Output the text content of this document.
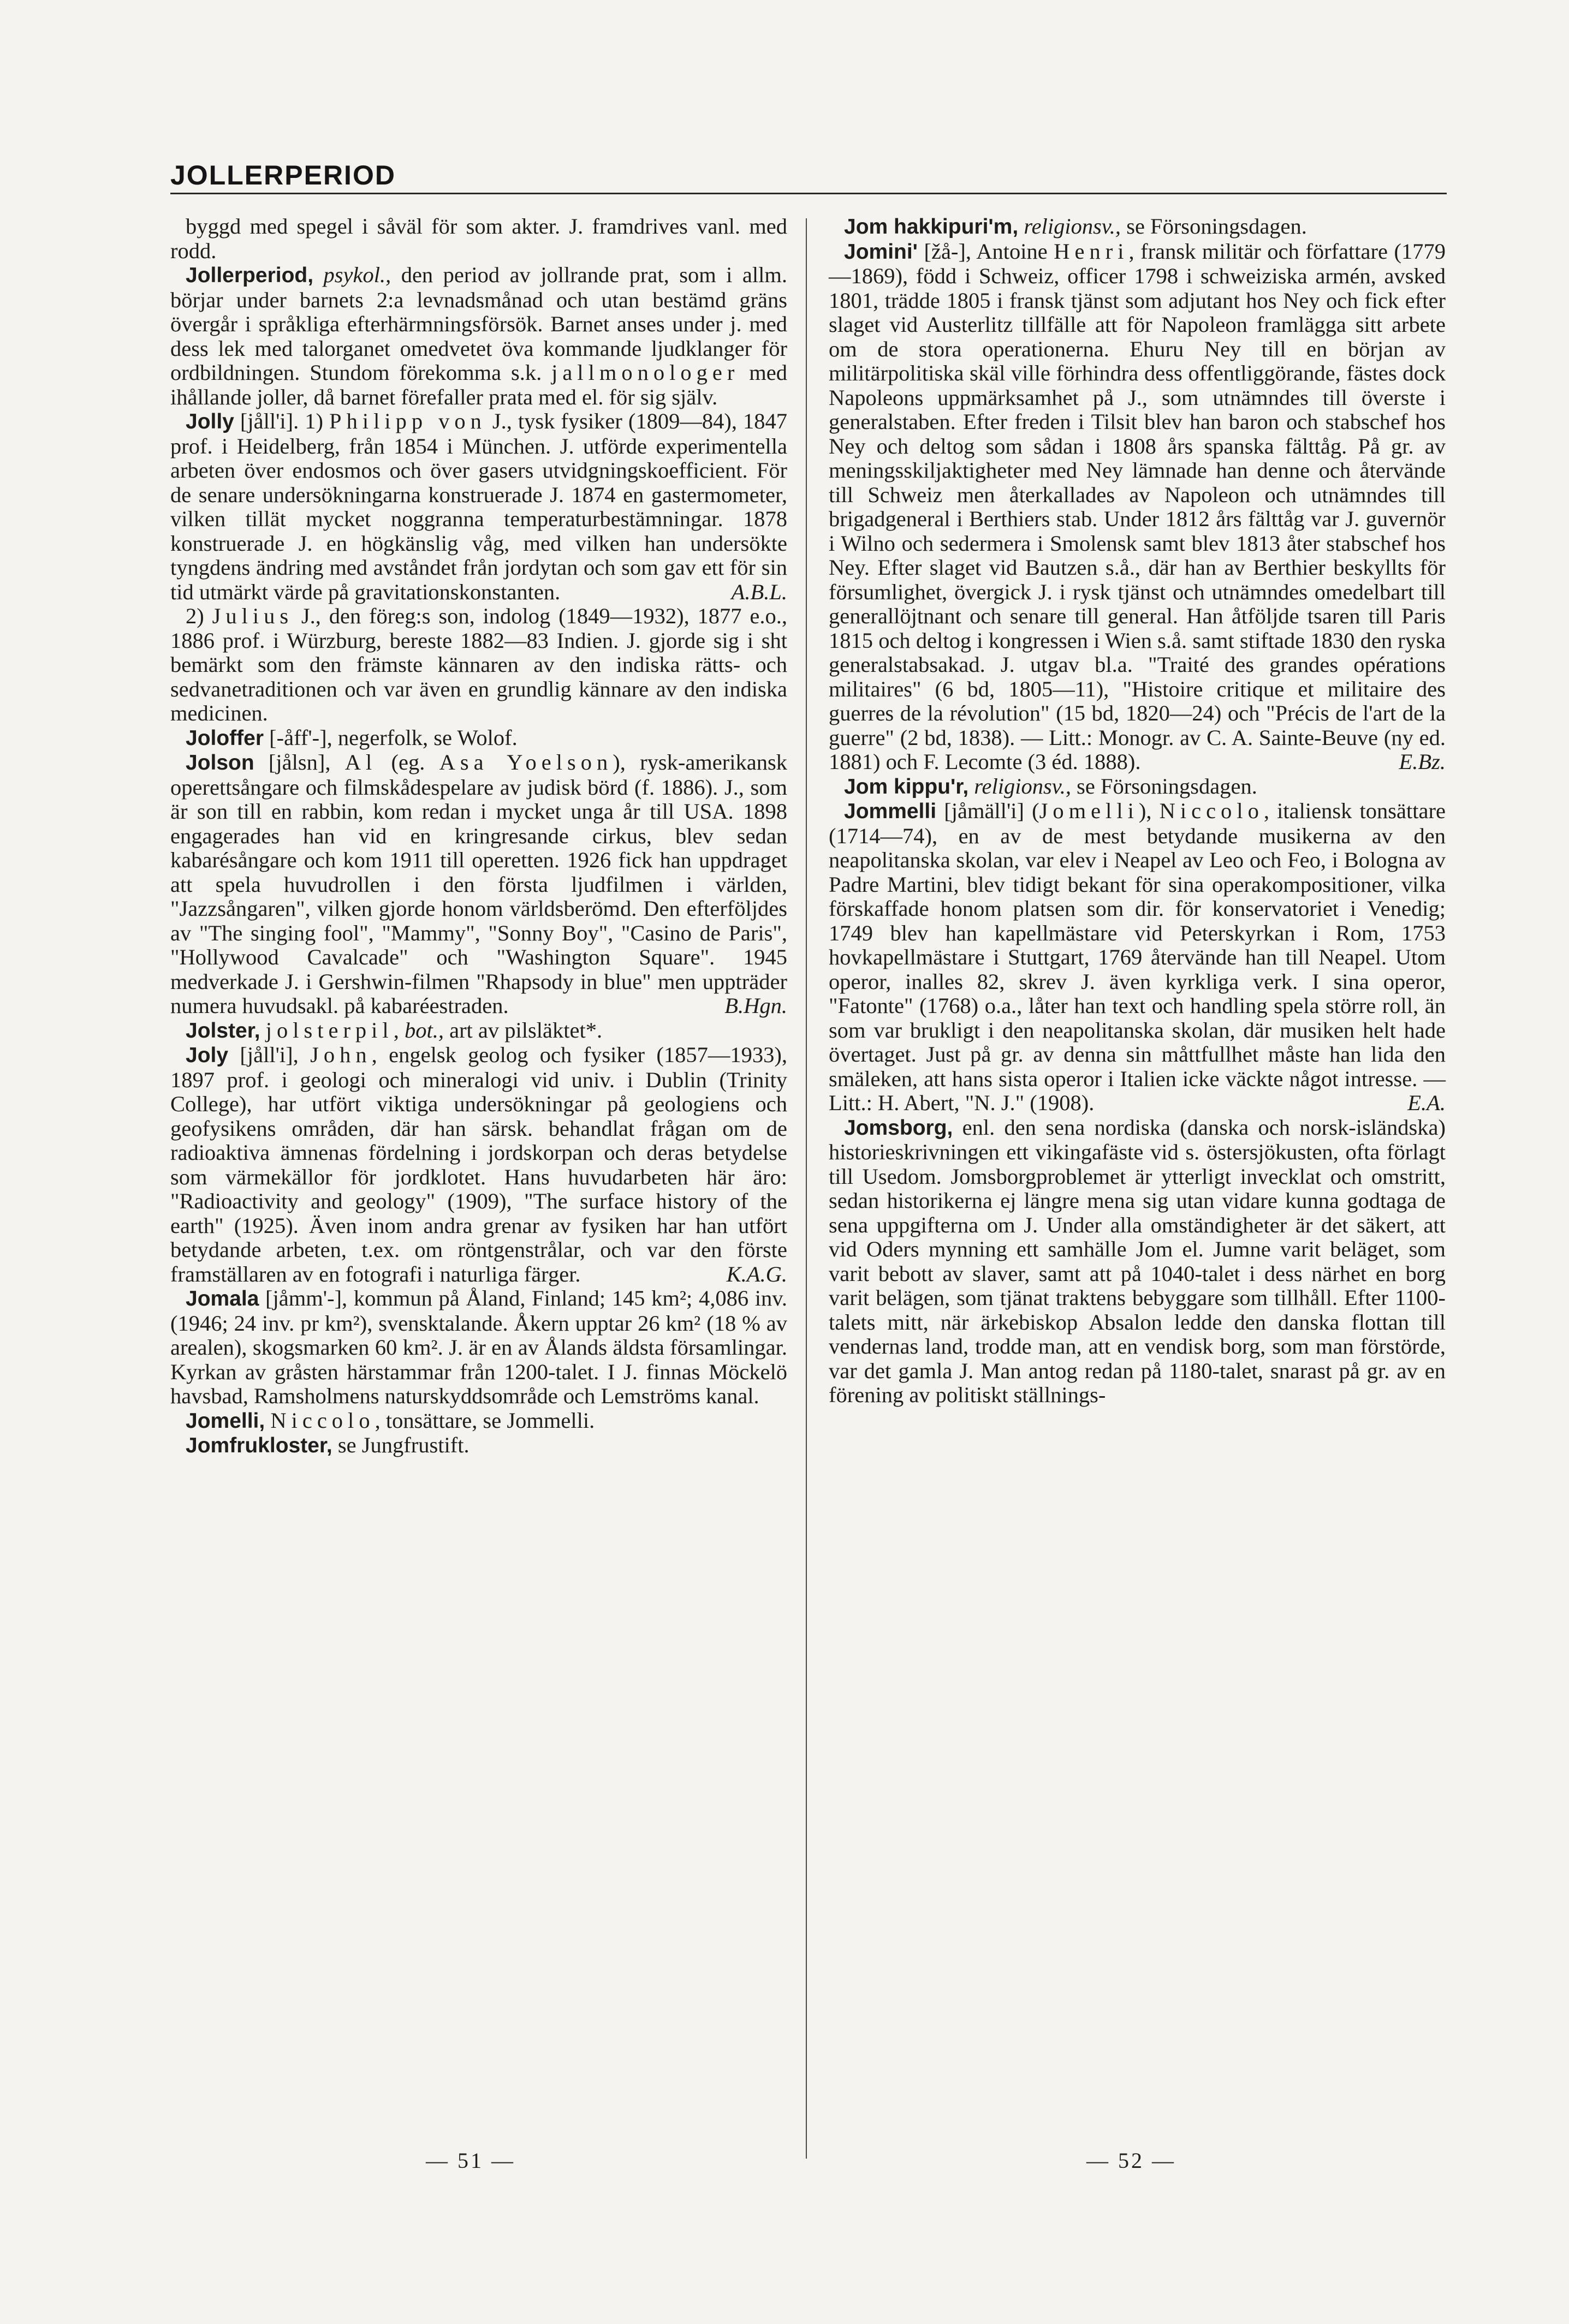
JOLLERPERIOD

byggd med spegel i såväl för som akter. J. framdrives vanl. med rodd.

Jollerperiod, psykol., den period av jollrande prat, som i allm. börjar under barnets 2:a levnadsmånad och utan bestämd gräns övergår i språkliga efterhärmningsförsök. Barnet anses under j. med dess lek med talorganet omedvetet öva kommande ljudklanger för ordbildningen. Stundom förekomma s.k. jallmonologer med ihållande joller, då barnet förefaller prata med el. för sig själv.

Jolly [jåll'i]. 1) Philipp von J., tysk fysiker (1809—84), 1847 prof. i Heidelberg, från 1854 i München. J. utförde experimentella arbeten över endosmos och över gasers utvidgningskoefficient. För de senare undersökningarna konstruerade J. 1874 en gastermometer, vilken tillät mycket noggranna temperaturbestämningar. 1878 konstruerade J. en högkänslig våg, med vilken han undersökte tyngdens ändring med avståndet från jordytan och som gav ett för sin tid utmärkt värde på gravitationskonstanten.	A.B.L.

2) Julius J., den föreg:s son, indolog (1849—1932), 1877 e.o., 1886 prof. i Würzburg, bereste 1882—83 Indien. J. gjorde sig i sht bemärkt som den främste kännaren av den indiska rätts- och sedvanetraditionen och var även en grundlig kännare av den indiska medicinen.

Joloffer [-åff'-], negerfolk, se Wolof.

Jolson [jålsn], Al (eg. Asa Yoelson), rysk-amerikansk operettsångare och filmskådespelare av judisk börd (f. 1886). J., som är son till en rabbin, kom redan i mycket unga år till USA. 1898 engagerades han vid en kringresande cirkus, blev sedan kabarésångare och kom 1911 till operetten. 1926 fick han uppdraget att spela huvudrollen i den första ljudfilmen i världen, "Jazzsångaren", vilken gjorde honom världsberömd. Den efterföljdes av "The singing fool", "Mammy", "Sonny Boy", "Casino de Paris", "Hollywood Cavalcade" och "Washington Square". 1945 medverkade J. i Gershwin-filmen "Rhapsody in blue" men uppträder numera huvudsakl. på kabaréestraden.	B.Hgn.

Jolster, jolsterpil, bot., art av pilsläktet*.

Joly [jåll'i], John, engelsk geolog och fysiker (1857—1933), 1897 prof. i geologi och mineralogi vid univ. i Dublin (Trinity College), har utfört viktiga undersökningar på geologiens och geofysikens områden, där han särsk. behandlat frågan om de radioaktiva ämnenas fördelning i jordskorpan och deras betydelse som värmekällor för jordklotet. Hans huvudarbeten här äro: "Radioactivity and geology" (1909), "The surface history of the earth" (1925). Även inom andra grenar av fysiken har han utfört betydande arbeten, t.ex. om röntgenstrålar, och var den förste framställaren av en fotografi i naturliga färger.	K.A.G.

Jomala [jåmm'-], kommun på Åland, Finland; 145 km²; 4,086 inv. (1946; 24 inv. pr km²), svensktalande. Åkern upptar 26 km² (18 % av arealen), skogsmarken 60 km². J. är en av Ålands äldsta församlingar. Kyrkan av gråsten härstammar från 1200-talet. I J. finnas Möckelö havsbad, Ramsholmens naturskyddsområde och Lemströms kanal.

Jomelli, Niccolo, tonsättare, se Jommelli.

Jomfrukloster, se Jungfrustift.

Jom hakkipuri'm, religionsv., se Försoningsdagen.

Jomini' [žå-], Antoine Henri, fransk militär och författare (1779—1869), född i Schweiz, officer 1798 i schweiziska armén, avsked 1801, trädde 1805 i fransk tjänst som adjutant hos Ney och fick efter slaget vid Austerlitz tillfälle att för Napoleon framlägga sitt arbete om de stora operationerna. Ehuru Ney till en början av militärpolitiska skäl ville förhindra dess offentliggörande, fästes dock Napoleons uppmärksamhet på J., som utnämndes till överste i generalstaben. Efter freden i Tilsit blev han baron och stabschef hos Ney och deltog som sådan i 1808 års spanska fälttåg. På gr. av meningsskiljaktigheter med Ney lämnade han denne och återvände till Schweiz men återkallades av Napoleon och utnämndes till brigadgeneral i Berthiers stab. Under 1812 års fälttåg var J. guvernör i Wilno och sedermera i Smolensk samt blev 1813 åter stabschef hos Ney. Efter slaget vid Bautzen s.å., där han av Berthier beskyllts för försumlighet, övergick J. i rysk tjänst och utnämndes omedelbart till generallöjtnant och senare till general. Han åtföljde tsaren till Paris 1815 och deltog i kongressen i Wien s.å. samt stiftade 1830 den ryska generalstabsakad. J. utgav bl.a. "Traité des grandes opérations militaires" (6 bd, 1805—11), "Histoire critique et militaire des guerres de la révolution" (15 bd, 1820—24) och "Précis de l'art de la guerre" (2 bd, 1838). — Litt.: Monogr. av C. A. Sainte-Beuve (ny ed. 1881) och F. Lecomte (3 éd. 1888).	E.Bz.

Jom kippu'r, religionsv., se Försoningsdagen.

Jommelli [jåmäll'i] (Jomelli), Niccolo, italiensk tonsättare (1714—74), en av de mest betydande musikerna av den neapolitanska skolan, var elev i Neapel av Leo och Feo, i Bologna av Padre Martini, blev tidigt bekant för sina operakompositioner, vilka förskaffade honom platsen som dir. för konservatoriet i Venedig; 1749 blev han kapellmästare vid Peterskyrkan i Rom, 1753 hovkapellmästare i Stuttgart, 1769 återvände han till Neapel. Utom operor, inalles 82, skrev J. även kyrkliga verk. I sina operor, "Fatonte" (1768) o.a., låter han text och handling spela större roll, än som var brukligt i den neapolitanska skolan, där musiken helt hade övertaget. Just på gr. av denna sin måttfullhet måste han lida den smäleken, att hans sista operor i Italien icke väckte något intresse. — Litt.: H. Abert, "N. J." (1908).	E.A.

Jomsborg, enl. den sena nordiska (danska och norsk-isländska) historieskrivningen ett vikingafäste vid s. östersjökusten, ofta förlagt till Usedom. Jomsborgproblemet är ytterligt invecklat och omstritt, sedan historikerna ej längre mena sig utan vidare kunna godtaga de sena uppgifterna om J. Under alla omständigheter är det säkert, att vid Oders mynning ett samhälle Jom el. Jumne varit beläget, som varit bebott av slaver, samt att på 1040-talet i dess närhet en borg varit belägen, som tjänat traktens bebyggare som tillhåll. Efter 1100-talets mitt, när ärkebiskop Absalon ledde den danska flottan till vendernas land, trodde man, att en vendisk borg, som man förstörde, var det gamla J. Man antog redan på 1180-talet, snarast på gr. av en förening av politiskt ställnings-

— 51 —	— 52 —
